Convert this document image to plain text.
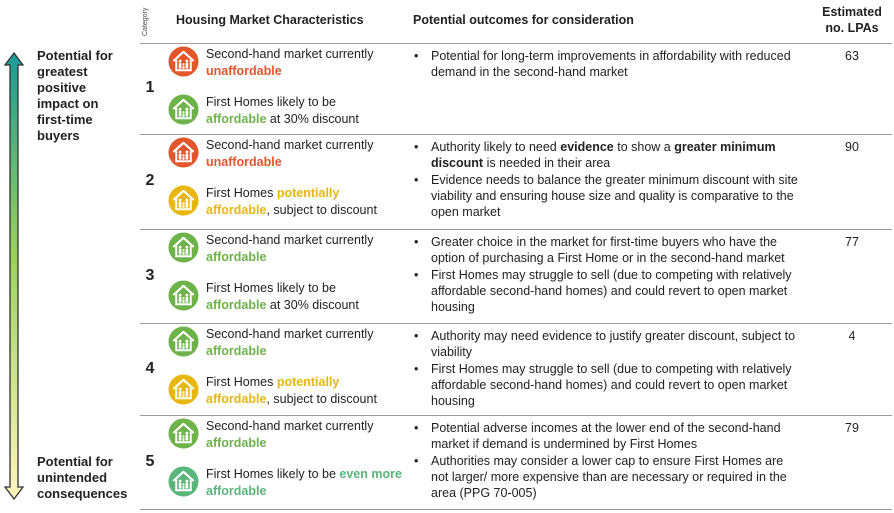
Category Housing Market Characteristics	Potential outcomes for consideration
Estimated
no. LPAs
Potential for greatest positive impact on first-time buyers
Potential for unintended consequences
1
Second-hand market currently
unaffordable
First Homes likely to be
affordable at 30% discount
• Potential for long-term improvements in affordability with reduced demand in the second-hand market
63
2
Second-hand market currently
unaffordable
First Homes potentially affordable, subject to discount
• Authority likely to need evidence to show a greater minimum discount is needed in their area
• Evidence needs to balance the greater minimum discount with site viability and ensuring house size and quality is comparative to the open market
90
3
Second-hand market currently
affordable
First Homes likely to be
affordable at 30% discount
• Greater choice in the market for first-time buyers who have the option of purchasing a First Home or in the second-hand market
• First Homes may struggle to sell (due to competing with relatively affordable second-hand homes) and could revert to open market housing
77
4
Second-hand market currently
affordable
First Homes potentially affordable, subject to discount
• Authority may need evidence to justify greater discount, subject to viability
• First Homes may struggle to sell (due to competing with relatively affordable second-hand homes) and could revert to open market housing
4
5
Second-hand market currently
affordable
First Homes likely to be even more affordable
• Potential adverse incomes at the lower end of the second-hand market if demand is undermined by First Homes
• Authorities may consider a lower cap to ensure First Homes are not larger/ more expensive than are necessary or required in the area (PPG 70-005)
79
